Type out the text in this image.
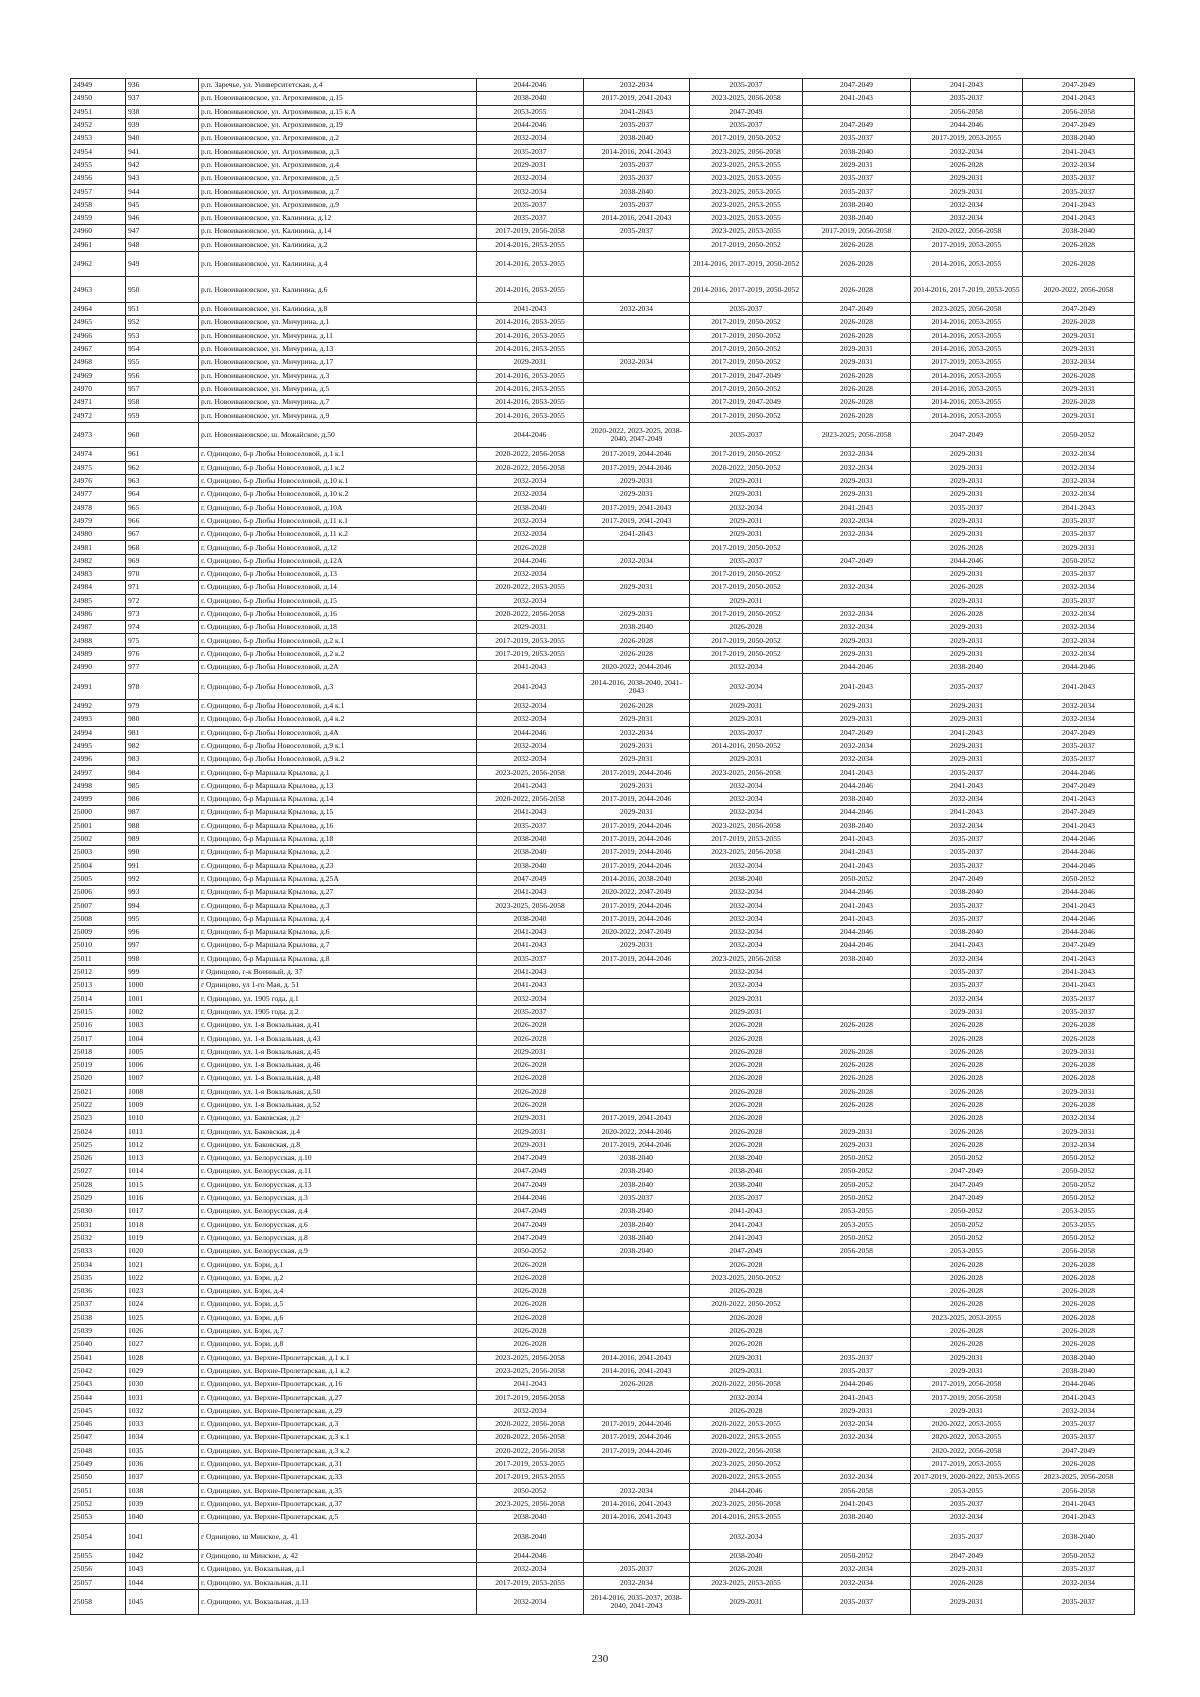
24949	936	р.п. Заречье, ул. Университетская, д.4	2044-2046	2032-2034	2035-2037	2047-2049	2041-2043	2047-2049
24950	937	р.п. Новоивановское, ул. Агрохимиков, д.15	2038-2040	2017-2019, 2041-2043	2023-2025, 2056-2058	2041-2043	2035-2037	2041-2043
24951	938	р.п. Новоивановское, ул. Агрохимиков, д.15 к.А	2053-2055	2041-2043	2047-2049		2056-2058	2056-2058
24952	939	р.п. Новоивановское, ул. Агрохимиков, д.19	2044-2046	2035-2037	2035-2037	2047-2049	2044-2046	2047-2049
24953	940	р.п. Новоивановское, ул. Агрохимиков, д.2	2032-2034	2038-2040	2017-2019, 2050-2052	2035-2037	2017-2019, 2053-2055	2038-2040
24954	941	р.п. Новоивановское, ул. Агрохимиков, д.3	2035-2037	2014-2016, 2041-2043	2023-2025, 2056-2058	2038-2040	2032-2034	2041-2043
24955	942	р.п. Новоивановское, ул. Агрохимиков, д.4	2029-2031	2035-2037	2023-2025, 2053-2055	2029-2031	2026-2028	2032-2034
24956	943	р.п. Новоивановское, ул. Агрохимиков, д.5	2032-2034	2035-2037	2023-2025, 2053-2055	2035-2037	2029-2031	2035-2037
24957	944	р.п. Новоивановское, ул. Агрохимиков, д.7	2032-2034	2038-2040	2023-2025, 2053-2055	2035-2037	2029-2031	2035-2037
24958	945	р.п. Новоивановское, ул. Агрохимиков, д.9	2035-2037	2035-2037	2023-2025, 2053-2055	2038-2040	2032-2034	2041-2043
24959	946	р.п. Новоивановское, ул. Калинина, д.12	2035-2037	2014-2016, 2041-2043	2023-2025, 2053-2055	2038-2040	2032-2034	2041-2043
24960	947	р.п. Новоивановское, ул. Калинина, д.14	2017-2019, 2056-2058	2035-2037	2023-2025, 2053-2055	2017-2019, 2056-2058	2020-2022, 2056-2058	2038-2040
24961	948	р.п. Новоивановское, ул. Калинина, д.2	2014-2016, 2053-2055		2017-2019, 2050-2052	2026-2028	2017-2019, 2053-2055	2026-2028
24962	949	р.п. Новоивановское, ул. Калинина, д.4	2014-2016, 2053-2055		2014-2016, 2017-2019, 2050-2052	2026-2028	2014-2016, 2053-2055	2026-2028
24963	950	р.п. Новоивановское, ул. Калинина, д.6	2014-2016, 2053-2055		2014-2016, 2017-2019, 2050-2052	2026-2028	2014-2016, 2017-2019, 2053-2055	2020-2022, 2056-2058
24964	951	р.п. Новоивановское, ул. Калинина, д.8	2041-2043	2032-2034	2035-2037	2047-2049	2023-2025, 2056-2058	2047-2049
24965	952	р.п. Новоивановское, ул. Мичурина, д.1	2014-2016, 2053-2055		2017-2019, 2050-2052	2026-2028	2014-2016, 2053-2055	2026-2028
24966	953	р.п. Новоивановское, ул. Мичурина, д.11	2014-2016, 2053-2055		2017-2019, 2050-2052	2026-2028	2014-2016, 2053-2055	2029-2031
24967	954	р.п. Новоивановское, ул. Мичурина, д.13	2014-2016, 2053-2055		2017-2019, 2050-2052	2029-2031	2014-2016, 2053-2055	2029-2031
24968	955	р.п. Новоивановское, ул. Мичурина, д.17	2029-2031	2032-2034	2017-2019, 2050-2052	2029-2031	2017-2019, 2053-2055	2032-2034
24969	956	р.п. Новоивановское, ул. Мичурина, д.3	2014-2016, 2053-2055		2017-2019, 2047-2049	2026-2028	2014-2016, 2053-2055	2026-2028
24970	957	р.п. Новоивановское, ул. Мичурина, д.5	2014-2016, 2053-2055		2017-2019, 2050-2052	2026-2028	2014-2016, 2053-2055	2029-2031
24971	958	р.п. Новоивановское, ул. Мичурина, д.7	2014-2016, 2053-2055		2017-2019, 2047-2049	2026-2028	2014-2016, 2053-2055	2026-2028
24972	959	р.п. Новоивановское, ул. Мичурина, д.9	2014-2016, 2053-2055		2017-2019, 2050-2052	2026-2028	2014-2016, 2053-2055	2029-2031
24973	960	р.п. Новоивановское, ш. Можайское, д.50	2044-2046	2020-2022, 2023-2025, 2038-2040, 2047-2049	2035-2037	2023-2025, 2056-2058	2047-2049	2050-2052
24974	961	г. Одинцово, б-р Любы Новоселовой, д.1 к.1	2020-2022, 2056-2058	2017-2019, 2044-2046	2017-2019, 2050-2052	2032-2034	2029-2031	2032-2034
24975	962	г. Одинцово, б-р Любы Новоселовой, д.1 к.2	2020-2022, 2056-2058	2017-2019, 2044-2046	2020-2022, 2050-2052	2032-2034	2029-2031	2032-2034
24976	963	г. Одинцово, б-р Любы Новоселовой, д.10 к.1	2032-2034	2029-2031	2029-2031	2029-2031	2029-2031	2032-2034
24977	964	г. Одинцово, б-р Любы Новоселовой, д.10 к.2	2032-2034	2029-2031	2029-2031	2029-2031	2029-2031	2032-2034
24978	965	г. Одинцово, б-р Любы Новоселовой, д.10А	2038-2040	2017-2019, 2041-2043	2032-2034	2041-2043	2035-2037	2041-2043
24979	966	г. Одинцово, б-р Любы Новоселовой, д.11 к.1	2032-2034	2017-2019, 2041-2043	2029-2031	2032-2034	2029-2031	2035-2037
24980	967	г. Одинцово, б-р Любы Новоселовой, д.11 к.2	2032-2034	2041-2043	2029-2031	2032-2034	2029-2031	2035-2037
24981	968	г. Одинцово, б-р Любы Новоселовой, д.12	2026-2028		2017-2019, 2050-2052		2026-2028	2029-2031
24982	969	г. Одинцово, б-р Любы Новоселовой, д.12А	2044-2046	2032-2034	2035-2037	2047-2049	2044-2046	2050-2052
24983	970	г. Одинцово, б-р Любы Новоселовой, д.13	2032-2034		2017-2019, 2050-2052		2029-2031	2035-2037
24984	971	г. Одинцово, б-р Любы Новоселовой, д.14	2020-2022, 2053-2055	2029-2031	2017-2019, 2050-2052	2032-2034	2026-2028	2032-2034
24985	972	г. Одинцово, б-р Любы Новоселовой, д.15	2032-2034		2029-2031		2029-2031	2035-2037
24986	973	г. Одинцово, б-р Любы Новоселовой, д.16	2020-2022, 2056-2058	2029-2031	2017-2019, 2050-2052	2032-2034	2026-2028	2032-2034
24987	974	г. Одинцово, б-р Любы Новоселовой, д.18	2029-2031	2038-2040	2026-2028	2032-2034	2029-2031	2032-2034
24988	975	г. Одинцово, б-р Любы Новоселовой, д.2 к.1	2017-2019, 2053-2055	2026-2028	2017-2019, 2050-2052	2029-2031	2029-2031	2032-2034
24989	976	г. Одинцово, б-р Любы Новоселовой, д.2 к.2	2017-2019, 2053-2055	2026-2028	2017-2019, 2050-2052	2029-2031	2029-2031	2032-2034
24990	977	г. Одинцово, б-р Любы Новоселовой, д.2А	2041-2043	2020-2022, 2044-2046	2032-2034	2044-2046	2038-2040	2044-2046
24991	978	г. Одинцово, б-р Любы Новоселовой, д.3	2041-2043	2014-2016, 2038-2040, 2041-2043	2032-2034	2041-2043	2035-2037	2041-2043
24992	979	г. Одинцово, б-р Любы Новоселовой, д.4 к.1	2032-2034	2026-2028	2029-2031	2029-2031	2029-2031	2032-2034
24993	980	г. Одинцово, б-р Любы Новоселовой, д.4 к.2	2032-2034	2029-2031	2029-2031	2029-2031	2029-2031	2032-2034
24994	981	г. Одинцово, б-р Любы Новоселовой, д.4А	2044-2046	2032-2034	2035-2037	2047-2049	2041-2043	2047-2049
24995	982	г. Одинцово, б-р Любы Новоселовой, д.9 к.1	2032-2034	2029-2031	2014-2016, 2050-2052	2032-2034	2029-2031	2035-2037
24996	983	г. Одинцово, б-р Любы Новоселовой, д.9 к.2	2032-2034	2029-2031	2029-2031	2032-2034	2029-2031	2035-2037
24997	984	г. Одинцово, б-р Маршала Крылова, д.1	2023-2025, 2056-2058	2017-2019, 2044-2046	2023-2025, 2056-2058	2041-2043	2035-2037	2044-2046
24998	985	г. Одинцово, б-р Маршала Крылова, д.13	2041-2043	2029-2031	2032-2034	2044-2046	2041-2043	2047-2049
24999	986	г. Одинцово, б-р Маршала Крылова, д.14	2020-2022, 2056-2058	2017-2019, 2044-2046	2032-2034	2038-2040	2032-2034	2041-2043
25000	987	г. Одинцово, б-р Маршала Крылова, д.15	2041-2043	2029-2031	2032-2034	2044-2046	2041-2043	2047-2049
25001	988	г. Одинцово, б-р Маршала Крылова, д.16	2035-2037	2017-2019, 2044-2046	2023-2025, 2056-2058	2038-2040	2032-2034	2041-2043
25002	989	г. Одинцово, б-р Маршала Крылова, д.18	2038-2040	2017-2019, 2044-2046	2017-2019, 2053-2055	2041-2043	2035-2037	2044-2046
25003	990	г. Одинцово, б-р Маршала Крылова, д.2	2038-2040	2017-2019, 2044-2046	2023-2025, 2056-2058	2041-2043	2035-2037	2044-2046
25004	991	г. Одинцово, б-р Маршала Крылова, д.23	2038-2040	2017-2019, 2044-2046	2032-2034	2041-2043	2035-2037	2044-2046
25005	992	г. Одинцово, б-р Маршала Крылова, д.25А	2047-2049	2014-2016, 2038-2040	2038-2040	2050-2052	2047-2049	2050-2052
25006	993	г. Одинцово, б-р Маршала Крылова, д.27	2041-2043	2020-2022, 2047-2049	2032-2034	2044-2046	2038-2040	2044-2046
25007	994	г. Одинцово, б-р Маршала Крылова, д.3	2023-2025, 2056-2058	2017-2019, 2044-2046	2032-2034	2041-2043	2035-2037	2041-2043
25008	995	г. Одинцово, б-р Маршала Крылова, д.4	2038-2040	2017-2019, 2044-2046	2032-2034	2041-2043	2035-2037	2044-2046
25009	996	г. Одинцово, б-р Маршала Крылова, д.6	2041-2043	2020-2022, 2047-2049	2032-2034	2044-2046	2038-2040	2044-2046
25010	997	г. Одинцово, б-р Маршала Крылова, д.7	2041-2043	2029-2031	2032-2034	2044-2046	2041-2043	2047-2049
25011	998	г. Одинцово, б-р Маршала Крылова, д.8	2035-2037	2017-2019, 2044-2046	2023-2025, 2056-2058	2038-2040	2032-2034	2041-2043
25012	999	г Одинцово, г-к Военный, д. 37	2041-2043		2032-2034		2035-2037	2041-2043
25013	1000	г Одинцово, ул 1-го Мая, д. 51	2041-2043		2032-2034		2035-2037	2041-2043
25014	1001	г. Одинцово, ул. 1905 года, д.1	2032-2034		2029-2031		2032-2034	2035-2037
25015	1002	г. Одинцово, ул. 1905 года, д.2	2035-2037		2029-2031		2029-2031	2035-2037
25016	1003	г. Одинцово, ул. 1-я Вокзальная, д.41	2026-2028		2026-2028	2026-2028	2026-2028	2026-2028
25017	1004	г. Одинцово, ул. 1-я Вокзальная, д.43	2026-2028		2026-2028		2026-2028	2026-2028
25018	1005	г. Одинцово, ул. 1-я Вокзальная, д.45	2029-2031		2026-2028	2026-2028	2026-2028	2029-2031
25019	1006	г. Одинцово, ул. 1-я Вокзальная, д.46	2026-2028		2026-2028	2026-2028	2026-2028	2026-2028
25020	1007	г. Одинцово, ул. 1-я Вокзальная, д.48	2026-2028		2026-2028	2026-2028	2026-2028	2026-2028
25021	1008	г. Одинцово, ул. 1-я Вокзальная, д.50	2026-2028		2026-2028	2026-2028	2026-2028	2029-2031
25022	1009	г. Одинцово, ул. 1-я Вокзальная, д.52	2026-2028		2026-2028	2026-2028	2026-2028	2026-2028
25023	1010	г. Одинцово, ул. Баковская, д.2	2029-2031	2017-2019, 2041-2043	2026-2028		2026-2028	2032-2034
25024	1011	г. Одинцово, ул. Баковская, д.4	2029-2031	2020-2022, 2044-2046	2026-2028	2029-2031	2026-2028	2029-2031
25025	1012	г. Одинцово, ул. Баковская, д.8	2029-2031	2017-2019, 2044-2046	2026-2028	2029-2031	2026-2028	2032-2034
25026	1013	г. Одинцово, ул. Белорусская, д.10	2047-2049	2038-2040	2038-2040	2050-2052	2050-2052	2050-2052
25027	1014	г. Одинцово, ул. Белорусская, д.11	2047-2049	2038-2040	2038-2040	2050-2052	2047-2049	2050-2052
25028	1015	г. Одинцово, ул. Белорусская, д.13	2047-2049	2038-2040	2038-2040	2050-2052	2047-2049	2050-2052
25029	1016	г. Одинцово, ул. Белорусская, д.3	2044-2046	2035-2037	2035-2037	2050-2052	2047-2049	2050-2052
25030	1017	г. Одинцово, ул. Белорусская, д.4	2047-2049	2038-2040	2041-2043	2053-2055	2050-2052	2053-2055
25031	1018	г. Одинцово, ул. Белорусская, д.6	2047-2049	2038-2040	2041-2043	2053-2055	2050-2052	2053-2055
25032	1019	г. Одинцово, ул. Белорусская, д.8	2047-2049	2038-2040	2041-2043	2050-2052	2050-2052	2050-2052
25033	1020	г. Одинцово, ул. Белорусская, д.9	2050-2052	2038-2040	2047-2049	2056-2058	2053-2055	2056-2058
25034	1021	г. Одинцово, ул. Бэри, д.1	2026-2028		2026-2028		2026-2028	2026-2028
25035	1022	г. Одинцово, ул. Бэри, д.2	2026-2028		2023-2025, 2050-2052		2026-2028	2026-2028
25036	1023	г. Одинцово, ул. Бэри, д.4	2026-2028		2026-2028		2026-2028	2026-2028
25037	1024	г. Одинцово, ул. Бэри, д.5	2026-2028		2020-2022, 2050-2052		2026-2028	2026-2028
25038	1025	г. Одинцово, ул. Бэри, д.6	2026-2028		2026-2028		2023-2025, 2053-2055	2026-2028
25039	1026	г. Одинцово, ул. Бэри, д.7	2026-2028		2026-2028		2026-2028	2026-2028
25040	1027	г. Одинцово, ул. Бэри, д.8	2026-2028		2026-2028		2026-2028	2026-2028
25041	1028	г. Одинцово, ул. Верхне-Пролетарская, д.1 к.1	2023-2025, 2056-2058	2014-2016, 2041-2043	2029-2031	2035-2037	2029-2031	2038-2040
25042	1029	г. Одинцово, ул. Верхне-Пролетарская, д.1 к.2	2023-2025, 2056-2058	2014-2016, 2041-2043	2029-2031	2035-2037	2029-2031	2038-2040
25043	1030	г. Одинцово, ул. Верхне-Пролетарская, д.16	2041-2043	2026-2028	2020-2022, 2056-2058	2044-2046	2017-2019, 2056-2058	2044-2046
25044	1031	г. Одинцово, ул. Верхне-Пролетарская, д.27	2017-2019, 2056-2058		2032-2034	2041-2043	2017-2019, 2056-2058	2041-2043
25045	1032	г. Одинцово, ул. Верхне-Пролетарская, д.29	2032-2034		2026-2028	2029-2031	2029-2031	2032-2034
25046	1033	г. Одинцово, ул. Верхне-Пролетарская, д.3	2020-2022, 2056-2058	2017-2019, 2044-2046	2020-2022, 2053-2055	2032-2034	2020-2022, 2053-2055	2035-2037
25047	1034	г. Одинцово, ул. Верхне-Пролетарская, д.3 к.1	2020-2022, 2056-2058	2017-2019, 2044-2046	2020-2022, 2053-2055	2032-2034	2020-2022, 2053-2055	2035-2037
25048	1035	г. Одинцово, ул. Верхне-Пролетарская, д.3 к.2	2020-2022, 2056-2058	2017-2019, 2044-2046	2020-2022, 2056-2058		2020-2022, 2056-2058	2047-2049
25049	1036	г. Одинцово, ул. Верхне-Пролетарская, д.31	2017-2019, 2053-2055		2023-2025, 2050-2052		2017-2019, 2053-2055	2026-2028
25050	1037	г. Одинцово, ул. Верхне-Пролетарская, д.33	2017-2019, 2053-2055		2020-2022, 2053-2055	2032-2034	2017-2019, 2020-2022, 2053-2055	2023-2025, 2056-2058
25051	1038	г. Одинцово, ул. Верхне-Пролетарская, д.35	2050-2052	2032-2034	2044-2046	2056-2058	2053-2055	2056-2058
25052	1039	г. Одинцово, ул. Верхне-Пролетарская, д.37	2023-2025, 2056-2058	2014-2016, 2041-2043	2023-2025, 2056-2058	2041-2043	2035-2037	2041-2043
25053	1040	г. Одинцово, ул. Верхне-Пролетарская, д.5	2038-2040	2014-2016, 2041-2043	2014-2016, 2053-2055	2038-2040	2032-2034	2041-2043
25054	1041	г Одинцово, ш Минское, д. 41	2038-2040		2032-2034		2035-2037	2038-2040
25055	1042	г Одинцово, ш Минское, д. 42	2044-2046		2038-2040	2050-2052	2047-2049	2050-2052
25056	1043	г. Одинцово, ул. Вокзальная, д.1	2032-2034	2035-2037	2026-2028	2032-2034	2029-2031	2035-2037
25057	1044	г. Одинцово, ул. Вокзальная, д.11	2017-2019, 2053-2055	2032-2034	2023-2025, 2053-2055	2032-2034	2026-2028	2032-2034
25058	1045	г. Одинцово, ул. Вокзальная, д.13	2032-2034	2014-2016, 2035-2037, 2038-2040, 2041-2043	2029-2031	2035-2037	2029-2031	2035-2037
230
